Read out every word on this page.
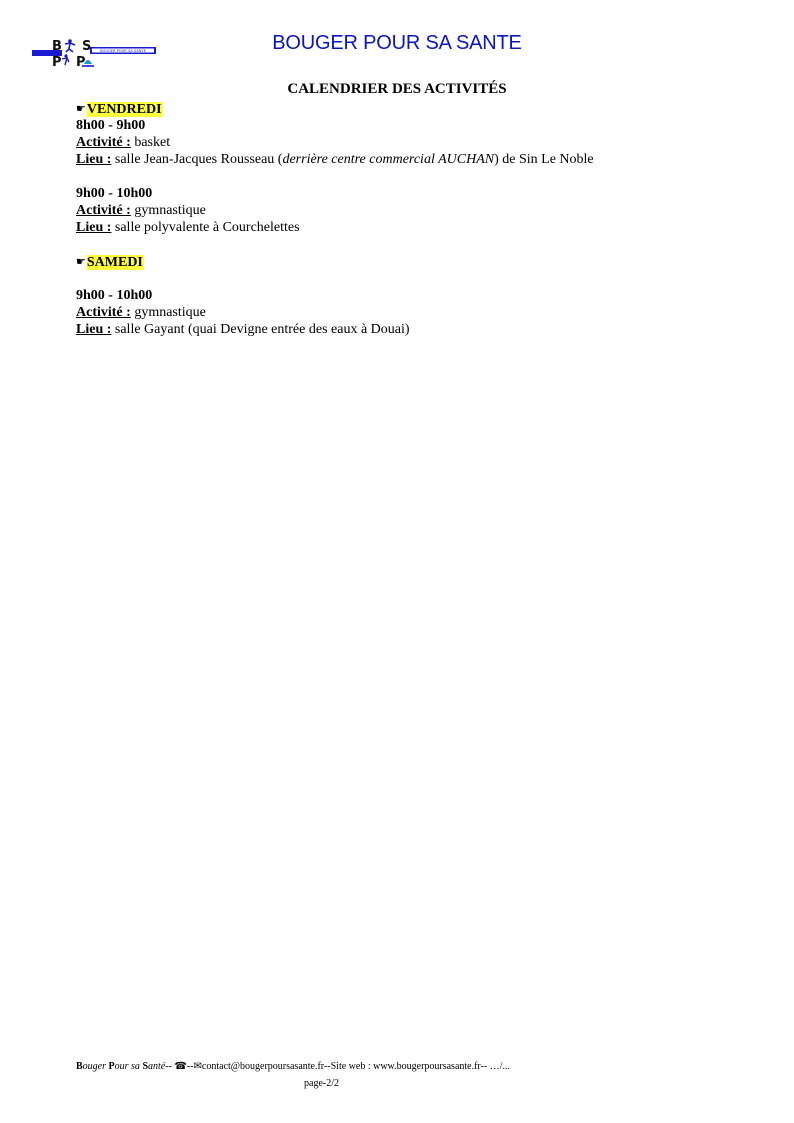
BOUGER POUR SA SANTE
B S
P P
BOUGER POUR SA SANTE
CALENDRIER DES ACTIVITÉS
☛VENDREDI
8h00 - 9h00
Activité : basket
Lieu : salle Jean-Jacques Rousseau (derrière centre commercial AUCHAN) de Sin Le Noble
9h00 - 10h00
Activité : gymnastique
Lieu : salle polyvalente à Courchelettes
☛SAMEDI
9h00 - 10h00
Activité : gymnastique
Lieu : salle Gayant (quai Devigne entrée des eaux à Douai)
Bouger Pour sa Santé-- ☎--✉contact@bougerpoursasante.fr--Site web : www.bougerpoursasante.fr-- …/...
page-2/2
